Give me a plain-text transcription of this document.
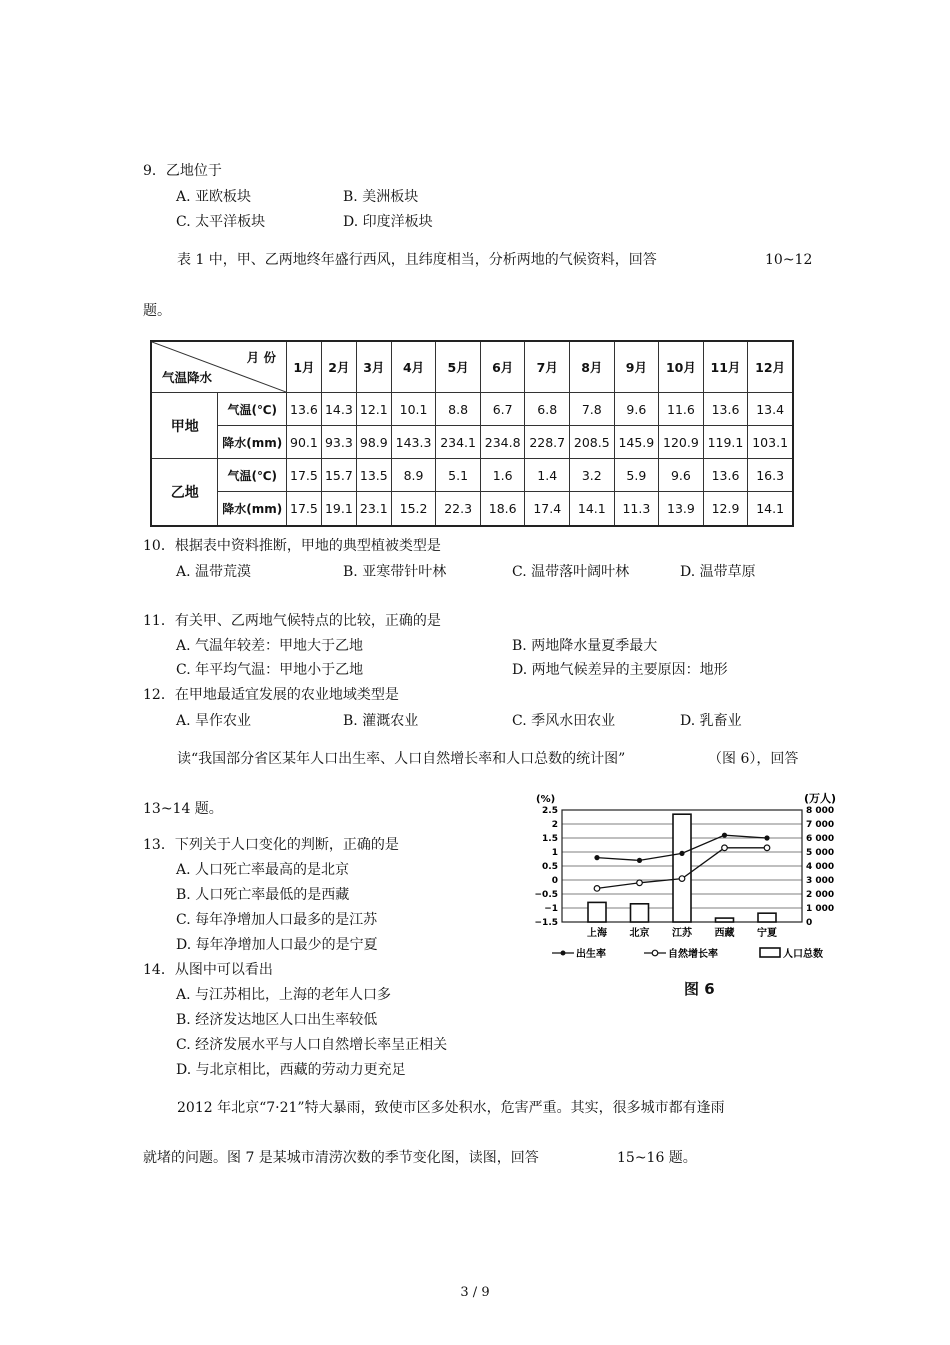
9．乙地位于
A. 亚欧板块	B. 美洲板块
C. 太平洋板块	D. 印度洋板块
表 1 中，甲、乙两地终年盛行西风，且纬度相当，分析两地的气候资料，回答	10~12
题。
月 份
气温降水		1月	2月	3月	4月	5月	6月	7月	8月	9月	10月	11月	12月
甲地	气温(℃)	13.6	14.3	12.1	10.1	8.8	6.7	6.8	7.8	9.6	11.6	13.6	13.4
	降水(mm)	90.1	93.3	98.9	143.3	234.1	234.8	228.7	208.5	145.9	120.9	119.1	103.1
乙地	气温(℃)	17.5	15.7	13.5	8.9	5.1	1.6	1.4	3.2	5.9	9.6	13.6	16.3
	降水(mm)	17.5	19.1	23.1	15.2	22.3	18.6	17.4	14.1	11.3	13.9	12.9	14.1
10．根据表中资料推断，甲地的典型植被类型是
A. 温带荒漠	B. 亚寒带针叶林	C. 温带落叶阔叶林	D. 温带草原
11．有关甲、乙两地气候特点的比较，正确的是
A. 气温年较差：甲地大于乙地	B. 两地降水量夏季最大
C. 年平均气温：甲地小于乙地	D. 两地气候差异的主要原因：地形
12．在甲地最适宜发展的农业地域类型是
A. 旱作农业	B. 灌溉农业	C. 季风水田农业	D. 乳畜业
读“我国部分省区某年人口出生率、人口自然增长率和人口总数的统计图”	（图 6），回答
13~14 题。
13．下列关于人口变化的判断，正确的是
A. 人口死亡率最高的是北京
B. 人口死亡率最低的是西藏
C. 每年净增加人口最多的是江苏
D. 每年净增加人口最少的是宁夏
14．从图中可以看出
A. 与江苏相比，上海的老年人口多
B. 经济发达地区人口出生率较低
C. 经济发展水平与人口自然增长率呈正相关
D. 与北京相比，西藏的劳动力更充足
2012 年北京“7·21”特大暴雨，致使市区多处积水，危害严重。其实，很多城市都有逢雨
就堵的问题。图 7 是某城市清涝次数的季节变化图，读图，回答	15~16 题。
(%)	(万人)
2.5
2
1.5
1
0.5
0
−0.5
−1
−1.5
8 000
7 000
6 000
5 000
4 000
3 000
2 000
1 000
0
上海 北京 江苏 西藏 宁夏
出生率	自然增长率	人口总数
图 6
3 / 9
